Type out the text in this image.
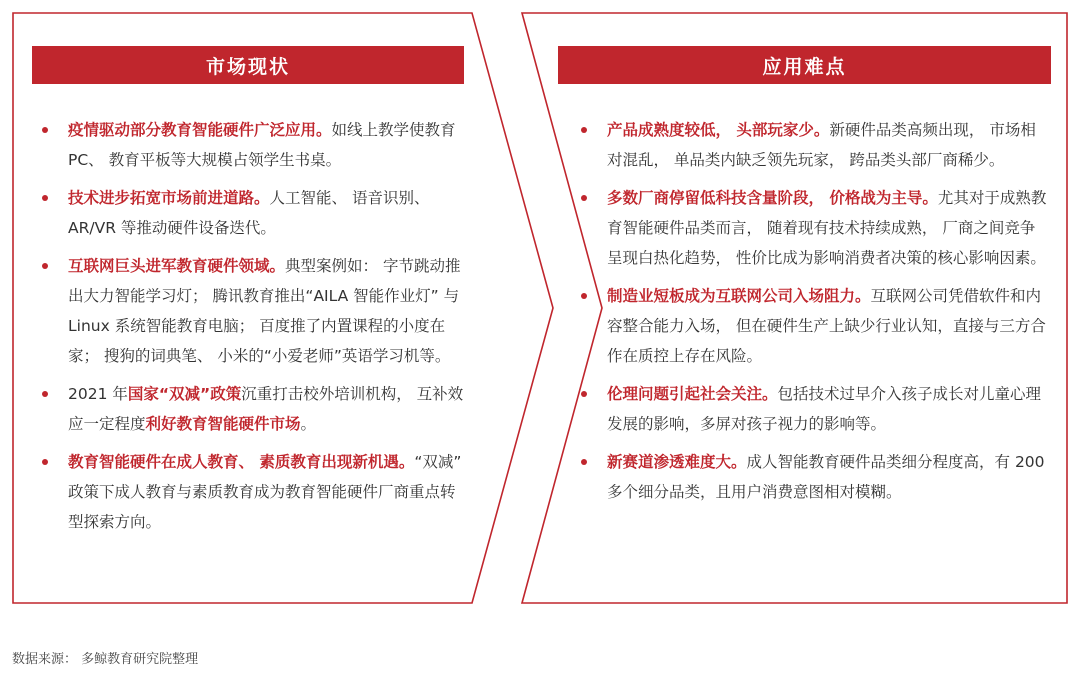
市场现状
疫情驱动部分教育智能硬件广泛应用。如线上教学使教育 PC、 教育平板等大规模占领学生书桌。
技术进步拓宽市场前进道路。人工智能、 语音识别、AR/VR 等推动硬件设备迭代。
互联网巨头进军教育硬件领域。典型案例如： 字节跳动推出大力智能学习灯； 腾讯教育推出“AILA 智能作业灯” 与 Linux 系统智能教育电脑； 百度推了内置课程的小度在家； 搜狗的词典笔、 小米的“小爱老师”英语学习机等。
2021 年国家“双减”政策沉重打击校外培训机构， 互补效应一定程度利好教育智能硬件市场。
教育智能硬件在成人教育、 素质教育出现新机遇。“双减” 政策下成人教育与素质教育成为教育智能硬件厂商重点转型探索方向。
应用难点
产品成熟度较低， 头部玩家少。新硬件品类高频出现， 市场相对混乱， 单品类内缺乏领先玩家， 跨品类头部厂商稀少。
多数厂商停留低科技含量阶段， 价格战为主导。尤其对于成熟教育智能硬件品类而言， 随着现有技术持续成熟， 厂商之间竞争呈现白热化趋势， 性价比成为影响消费者决策的核心影响因素。
制造业短板成为互联网公司入场阻力。互联网公司凭借软件和内容整合能力入场， 但在硬件生产上缺少行业认知，直接与三方合作在质控上存在风险。
伦理问题引起社会关注。包括技术过早介入孩子成长对儿童心理发展的影响，多屏对孩子视力的影响等。
新赛道渗透难度大。成人智能教育硬件品类细分程度高，有 200 多个细分品类，且用户消费意图相对模糊。
数据来源： 多鲸教育研究院整理
